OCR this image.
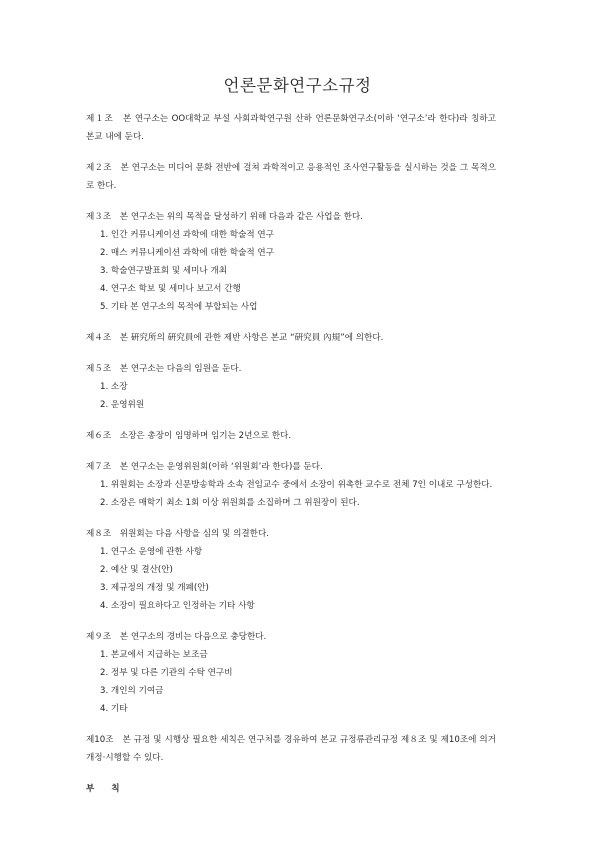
언론문화연구소규정

제１조　본 연구소는 OO대학교 부설 사회과학연구원 산하 언론문화연구소(이하 ‘연구소’라 한다)라 칭하고 본교 내에 둔다.

제２조　본 연구소는 미디어 문화 전반에 걸쳐 과학적이고 응용적인 조사연구활동을 실시하는 것을 그 목적으로 한다.

제３조　본 연구소는 위의 목적을 달성하기 위해 다음과 같은 사업을 한다.

1. 인간 커뮤니케이션 과학에 대한 학술적 연구
2. 매스 커뮤니케이션 과학에 대한 학술적 연구
3. 학술연구발표회 및 세미나 개최
4. 연구소 학보 및 세미나 보고서 간행
5. 기타 본 연구소의 목적에 부합되는 사업

제４조　본 硏究所의 硏究員에 관한 제반 사항은 본교 “硏究員 內規”에 의한다.

제５조　본 연구소는 다음의 임원을 둔다.

1. 소장
2. 운영위원

제６조　소장은 총장이 임명하며 임기는 2년으로 한다.

제７조　본 연구소는 운영위원회(이하 ‘위원회’라 한다)를 둔다.

1. 위원회는 소장과 신문방송학과 소속 전임교수 중에서 소장이 위촉한 교수로 전체 7인 이내로 구성한다.
2. 소장은 매학기 최소 1회 이상 위원회를 소집하며 그 위원장이 된다.

제８조　위원회는 다음 사항을 심의 및 의결한다.

1. 연구소 운영에 관한 사항
2. 예산 및 결산(안)
3. 제규정의 개정 및 개폐(안)
4. 소장이 필요하다고 인정하는 기타 사항

제９조　본 연구소의 경비는 다음으로 충당한다.

1. 본교에서 지급하는 보조금
2. 정부 및 다른 기관의 수탁 연구비
3. 개인의 기여금
4. 기타

제10조　본 규정 및 시행상 필요한 세칙은 연구처를 경유하여 본교 규정류관리규정 제８조 및 제10조에 의거 개정·시행할 수 있다.

부 칙
